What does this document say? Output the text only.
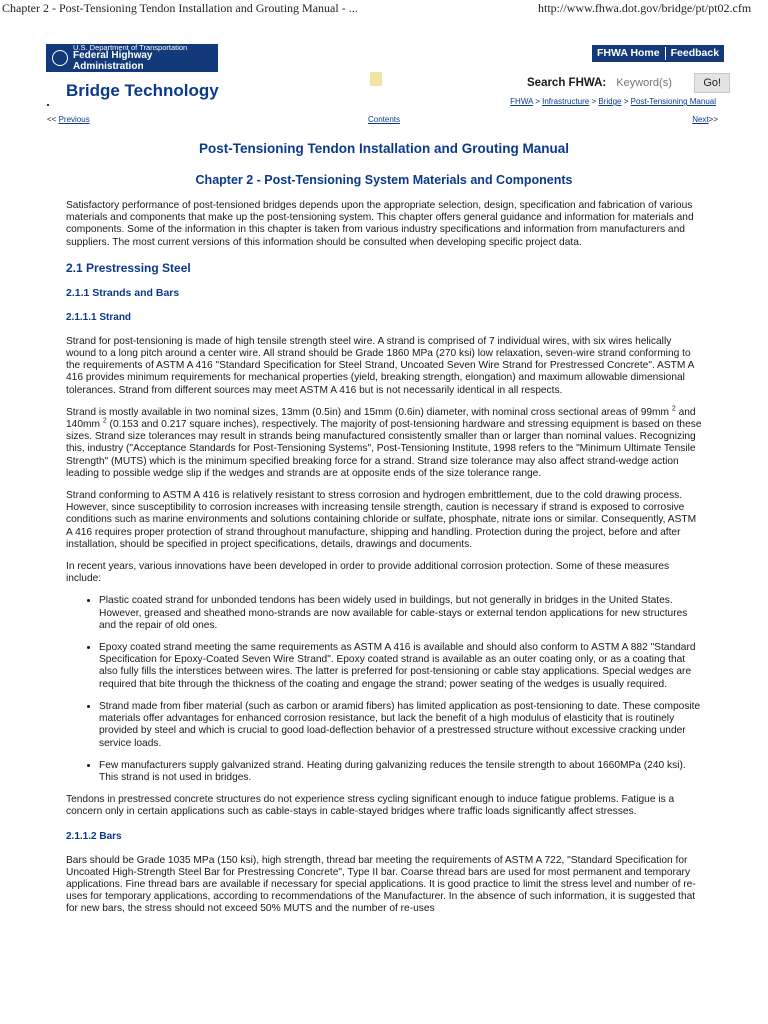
Chapter 2 - Post-Tensioning Tendon Installation and Grouting Manual - ...	http://www.fhwa.dot.gov/bridge/pt/pt02.cfm
U.S. Department of Transportation
Federal Highway Administration
Bridge Technology
FHWA Home	Feedback
Search FHWA:
Keyword(s)	Go!
FHWA > Infrastructure > Bridge > Post-Tensioning Manual
<< Previous	Contents	Next>>
Post-Tensioning Tendon Installation and Grouting Manual
Chapter 2 - Post-Tensioning System Materials and Components

Satisfactory performance of post-tensioned bridges depends upon the appropriate selection, design, specification and fabrication of various materials and components that make up the post-tensioning system. This chapter offers general guidance and information for materials and components. Some of the information in this chapter is taken from various industry specifications and information from manufacturers and suppliers. The most current versions of this information should be consulted when developing specific project data.

2.1 Prestressing Steel
2.1.1 Strands and Bars
2.1.1.1 Strand

Strand for post-tensioning is made of high tensile strength steel wire. A strand is comprised of 7 individual wires, with six wires helically wound to a long pitch around a center wire. All strand should be Grade 1860 MPa (270 ksi) low relaxation, seven-wire strand conforming to the requirements of ASTM A 416 "Standard Specification for Steel Strand, Uncoated Seven Wire Strand for Prestressed Concrete". ASTM A 416 provides minimum requirements for mechanical properties (yield, breaking strength, elongation) and maximum allowable dimensional tolerances. Strand from different sources may meet ASTM A 416 but is not necessarily identical in all respects.

Strand is mostly available in two nominal sizes, 13mm (0.5in) and 15mm (0.6in) diameter, with nominal cross sectional areas of 99mm $^2$ and 140mm $^2$ (0.153 and 0.217 square inches), respectively. The majority of post-tensioning hardware and stressing equipment is based on these sizes. Strand size tolerances may result in strands being manufactured consistently smaller than or larger than nominal values. Recognizing this, industry ("Acceptance Standards for Post-Tensioning Systems", Post-Tensioning Institute, 1998 refers to the "Minimum Ultimate Tensile Strength" (MUTS) which is the minimum specified breaking force for a strand. Strand size tolerance may also affect strand-wedge action leading to possible wedge slip if the wedges and strands are at opposite ends of the size tolerance range.

Strand conforming to ASTM A 416 is relatively resistant to stress corrosion and hydrogen embrittlement, due to the cold drawing process. However, since susceptibility to corrosion increases with increasing tensile strength, caution is necessary if strand is exposed to corrosive conditions such as marine environments and solutions containing chloride or sulfate, phosphate, nitrate ions or similar. Consequently, ASTM A 416 requires proper protection of strand throughout manufacture, shipping and handling. Protection during the project, before and after installation, should be specified in project specifications, details, drawings and documents.

In recent years, various innovations have been developed in order to provide additional corrosion protection. Some of these measures include:

• Plastic coated strand for unbonded tendons has been widely used in buildings, but not generally in bridges in the United States. However, greased and sheathed mono-strands are now available for cable-stays or external tendon applications for new structures and the repair of old ones.
• Epoxy coated strand meeting the same requirements as ASTM A 416 is available and should also conform to ASTM A 882 "Standard Specification for Epoxy-Coated Seven Wire Strand". Epoxy coated strand is available as an outer coating only, or as a coating that also fully fills the interstices between wires. The latter is preferred for post-tensioning or cable stay applications. Special wedges are required that bite through the thickness of the coating and engage the strand; power seating of the wedges is usually required.
• Strand made from fiber material (such as carbon or aramid fibers) has limited application as post-tensioning to date. These composite materials offer advantages for enhanced corrosion resistance, but lack the benefit of a high modulus of elasticity that is routinely provided by steel and which is crucial to good load-deflection behavior of a prestressed structure without excessive cracking under service loads.
• Few manufacturers supply galvanized strand. Heating during galvanizing reduces the tensile strength to about 1660MPa (240 ksi). This strand is not used in bridges.

Tendons in prestressed concrete structures do not experience stress cycling significant enough to induce fatigue problems. Fatigue is a concern only in certain applications such as cable-stays in cable-stayed bridges where traffic loads significantly affect stresses.

2.1.1.2 Bars

Bars should be Grade 1035 MPa (150 ksi), high strength, thread bar meeting the requirements of ASTM A 722, "Standard Specification for Uncoated High-Strength Steel Bar for Prestressing Concrete", Type II bar. Coarse thread bars are used for most permanent and temporary applications. Fine thread bars are available if necessary for special applications. It is good practice to limit the stress level and number of re-uses for temporary applications, according to recommendations of the Manufacturer. In the absence of such information, it is suggested that for new bars, the stress should not exceed 50% MUTS and the number of re-uses
